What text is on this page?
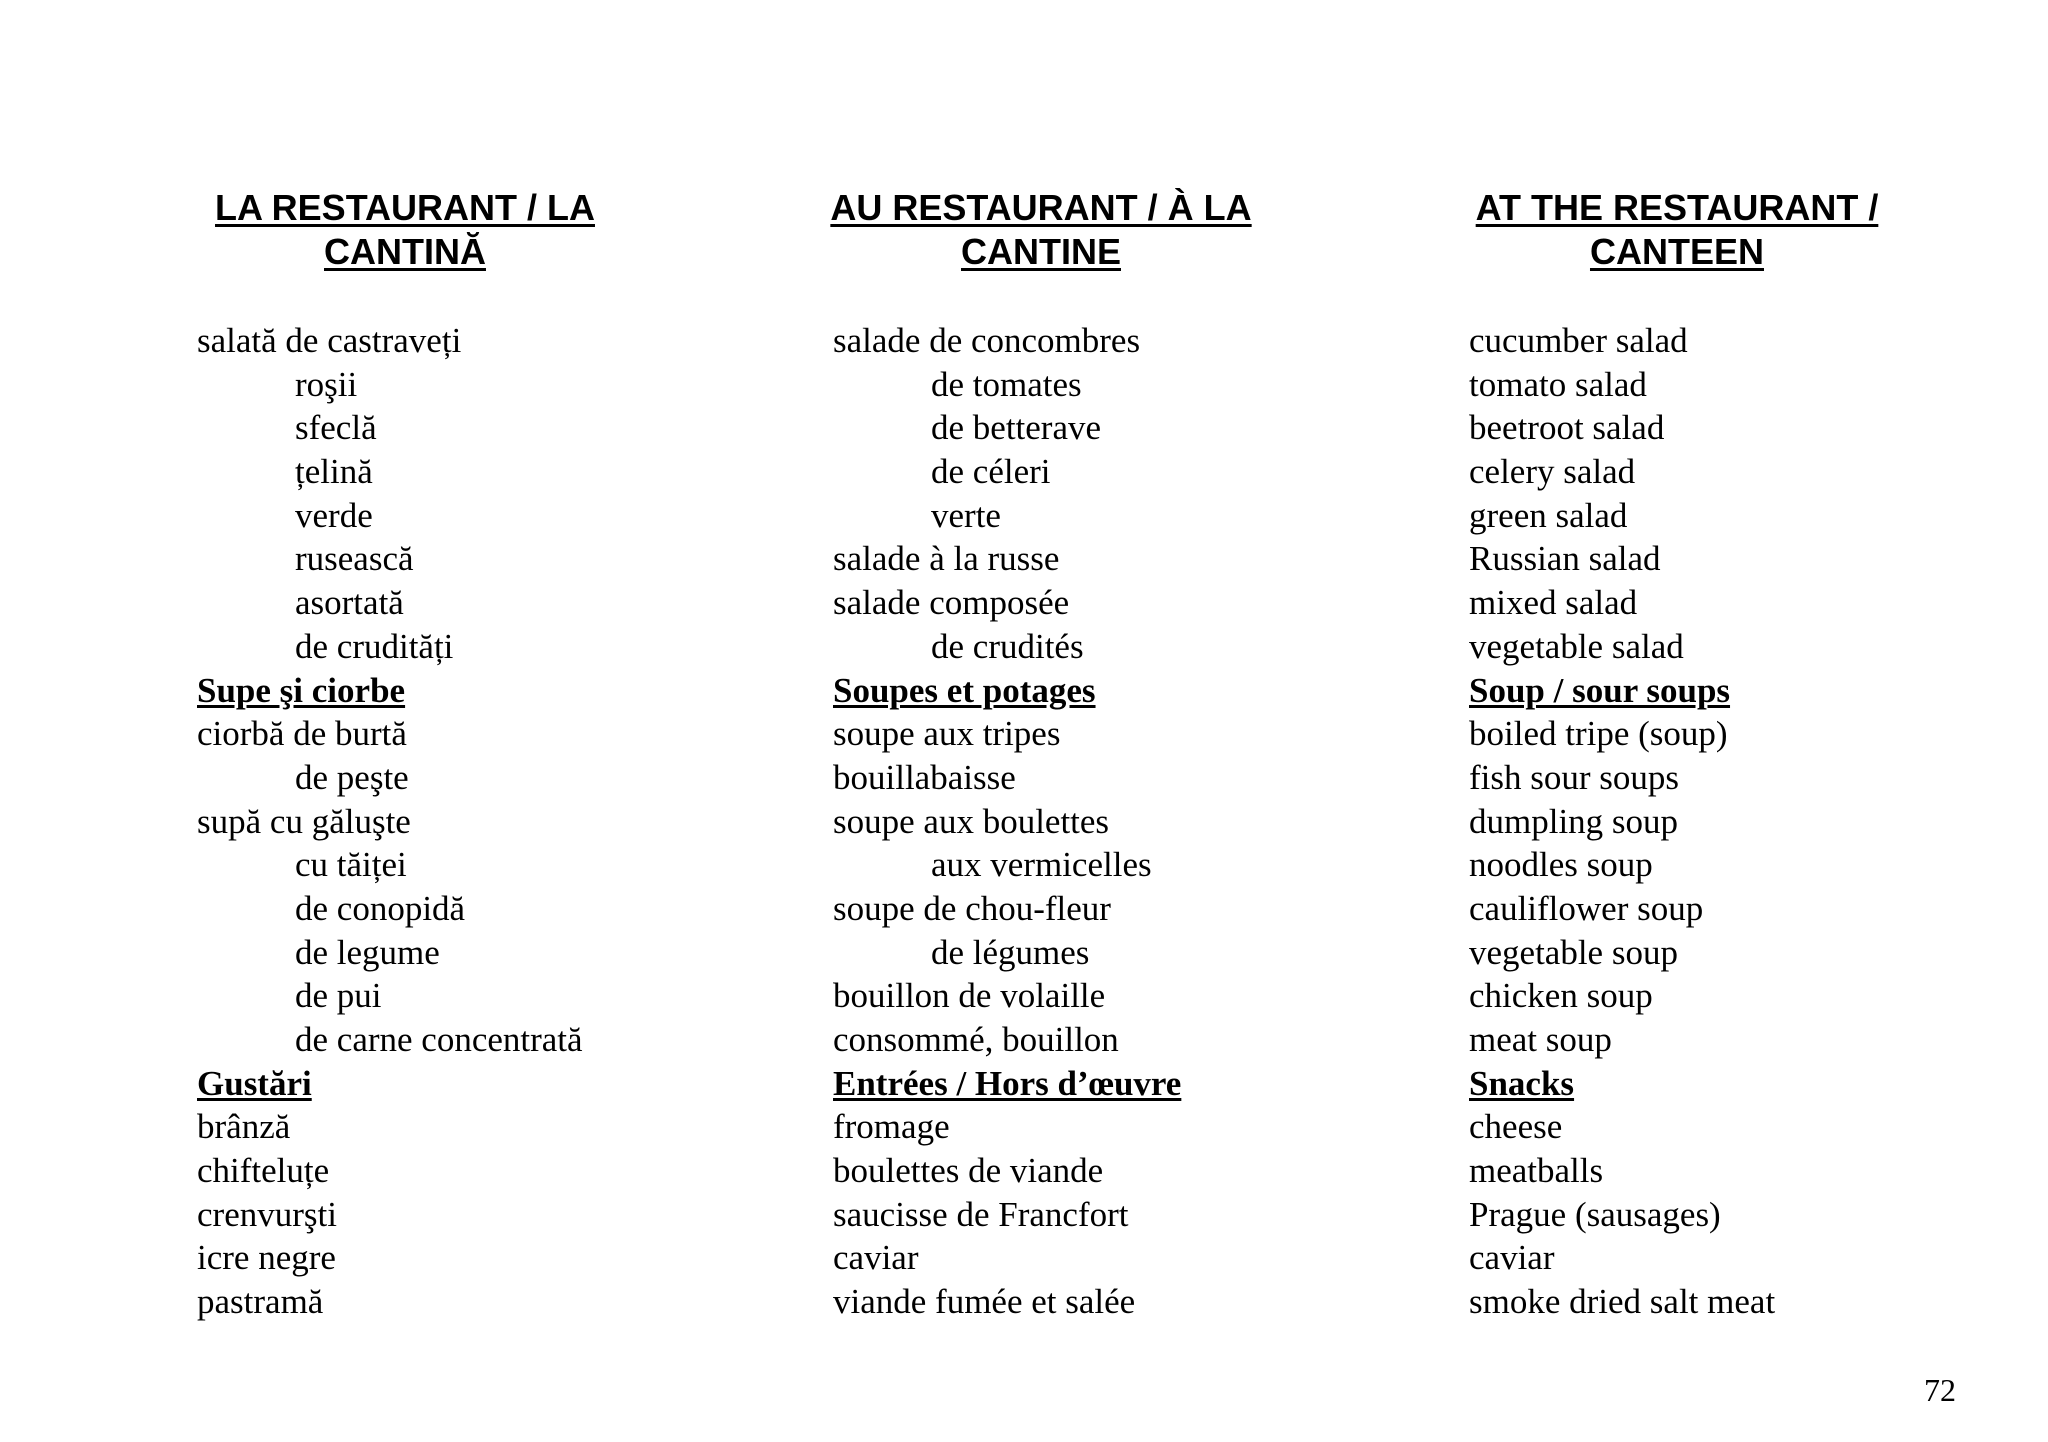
LA RESTAURANT / LA
CANTINĂ
salată de castraveți
roşii
sfeclă
țelină
verde
rusească
asortată
de crudități
Supe şi ciorbe
ciorbă de burtă
de peşte
supă cu găluşte
cu tăiței
de conopidă
de legume
de pui
de carne concentrată
Gustări
brânză
chifteluțe
crenvurşti
icre negre
pastramă
AU RESTAURANT / À LA
CANTINE
salade de concombres
de tomates
de betterave
de céleri
verte
salade à la russe
salade composée
de crudités
Soupes et potages
soupe aux tripes
bouillabaisse
soupe aux boulettes
aux vermicelles
soupe de chou-fleur
de légumes
bouillon de volaille
consommé, bouillon
Entrées / Hors d’œuvre
fromage
boulettes de viande
saucisse de Francfort
caviar
viande fumée et salée
AT THE RESTAURANT /
CANTEEN
cucumber salad
tomato salad
beetroot salad
celery salad
green salad
Russian salad
mixed salad
vegetable salad
Soup / sour soups
boiled tripe (soup)
fish sour soups
dumpling soup
noodles soup
cauliflower soup
vegetable soup
chicken soup
meat soup
Snacks
cheese
meatballs
Prague (sausages)
caviar
smoke dried salt meat
72
